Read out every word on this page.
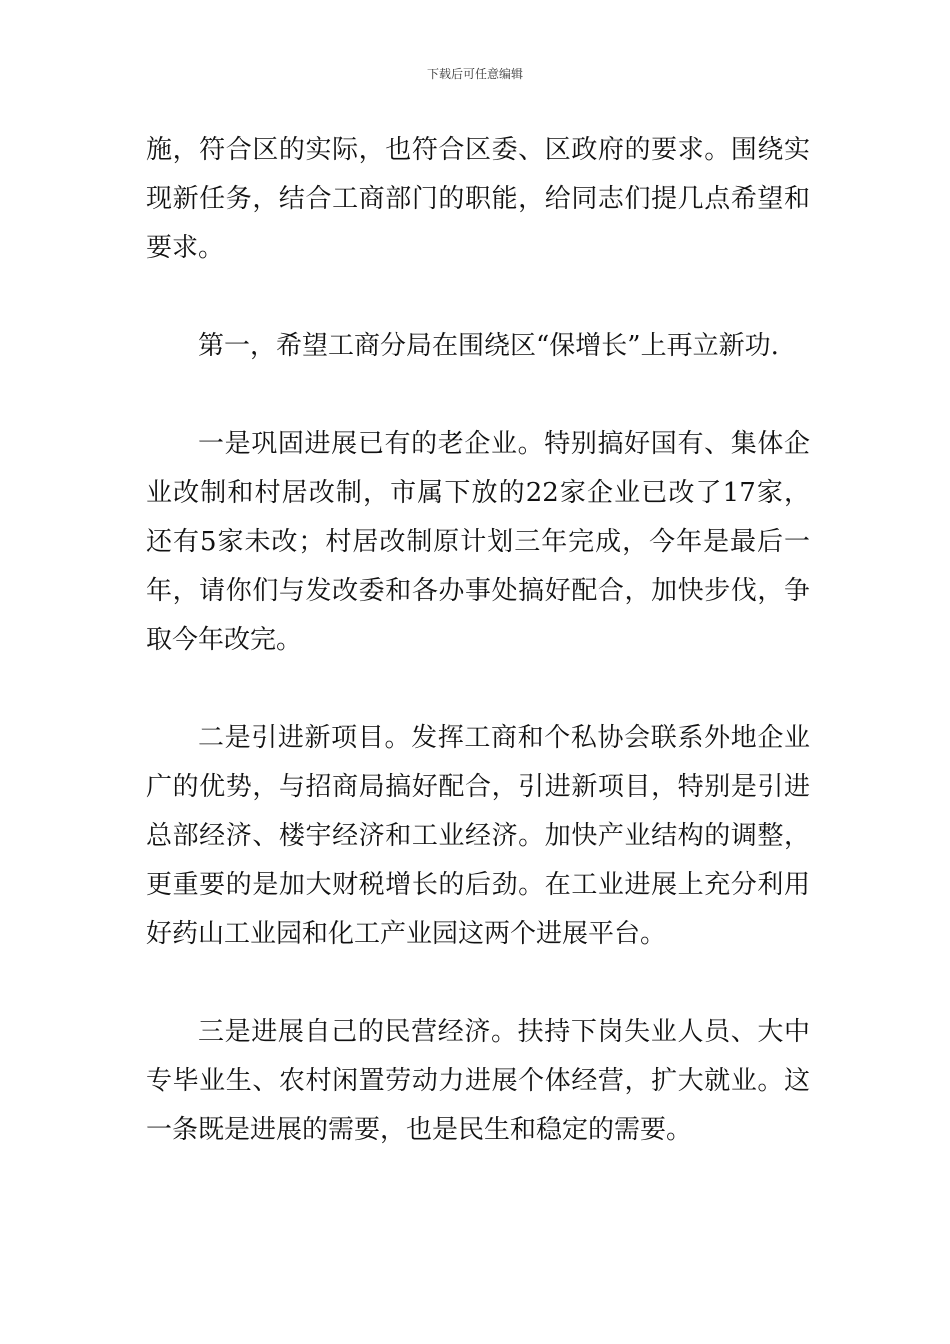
下载后可任意编辑

施，符合区的实际，也符合区委、区政府的要求。围绕实现新任务，结合工商部门的职能，给同志们提几点希望和要求。

第一，希望工商分局在围绕区“保增长”上再立新功.

一是巩固进展已有的老企业。特别搞好国有、集体企业改制和村居改制，市属下放的22家企业已改了17家，还有5家未改；村居改制原计划三年完成，今年是最后一年，请你们与发改委和各办事处搞好配合，加快步伐，争取今年改完。

二是引进新项目。发挥工商和个私协会联系外地企业广的优势，与招商局搞好配合，引进新项目，特别是引进总部经济、楼宇经济和工业经济。加快产业结构的调整，更重要的是加大财税增长的后劲。在工业进展上充分利用好药山工业园和化工产业园这两个进展平台。

三是进展自己的民营经济。扶持下岗失业人员、大中专毕业生、农村闲置劳动力进展个体经营，扩大就业。这一条既是进展的需要，也是民生和稳定的需要。
